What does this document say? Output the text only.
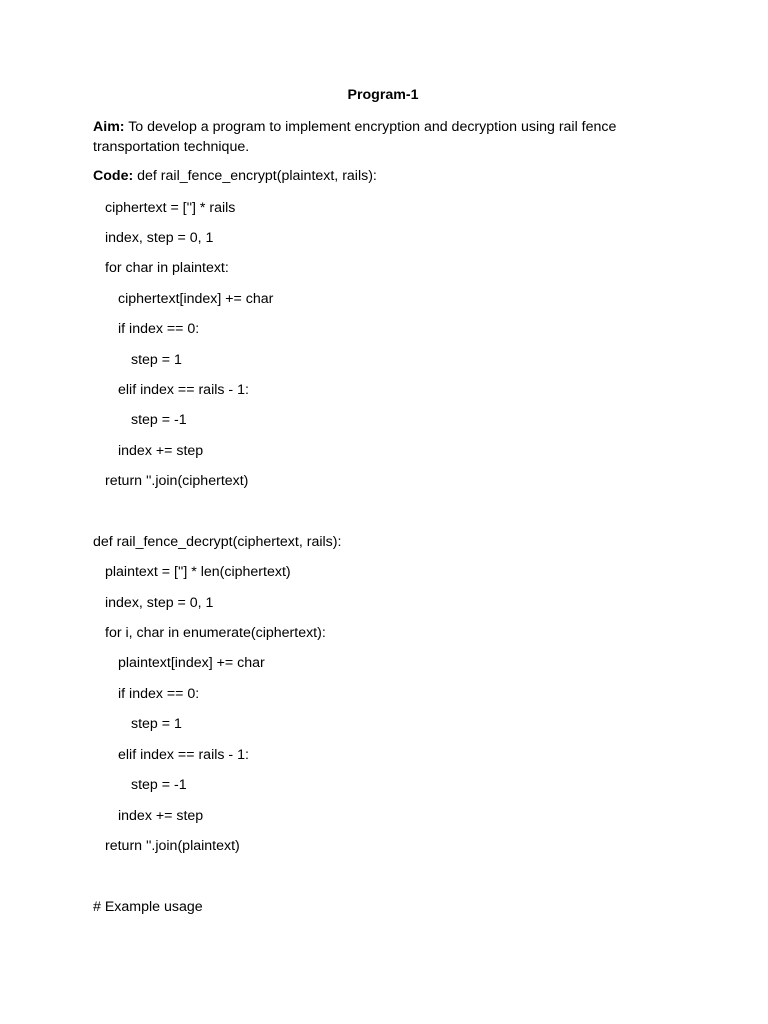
Program-1
Aim: To develop a program to implement encryption and decryption using rail fence transportation technique.
Code: def rail_fence_encrypt(plaintext, rails):
ciphertext = [''] * rails
index, step = 0, 1
for char in plaintext:
ciphertext[index] += char
if index == 0:
step = 1
elif index == rails - 1:
step = -1
index += step
return ''.join(ciphertext)
def rail_fence_decrypt(ciphertext, rails):
plaintext = [''] * len(ciphertext)
index, step = 0, 1
for i, char in enumerate(ciphertext):
plaintext[index] += char
if index == 0:
step = 1
elif index == rails - 1:
step = -1
index += step
return ''.join(plaintext)
# Example usage
